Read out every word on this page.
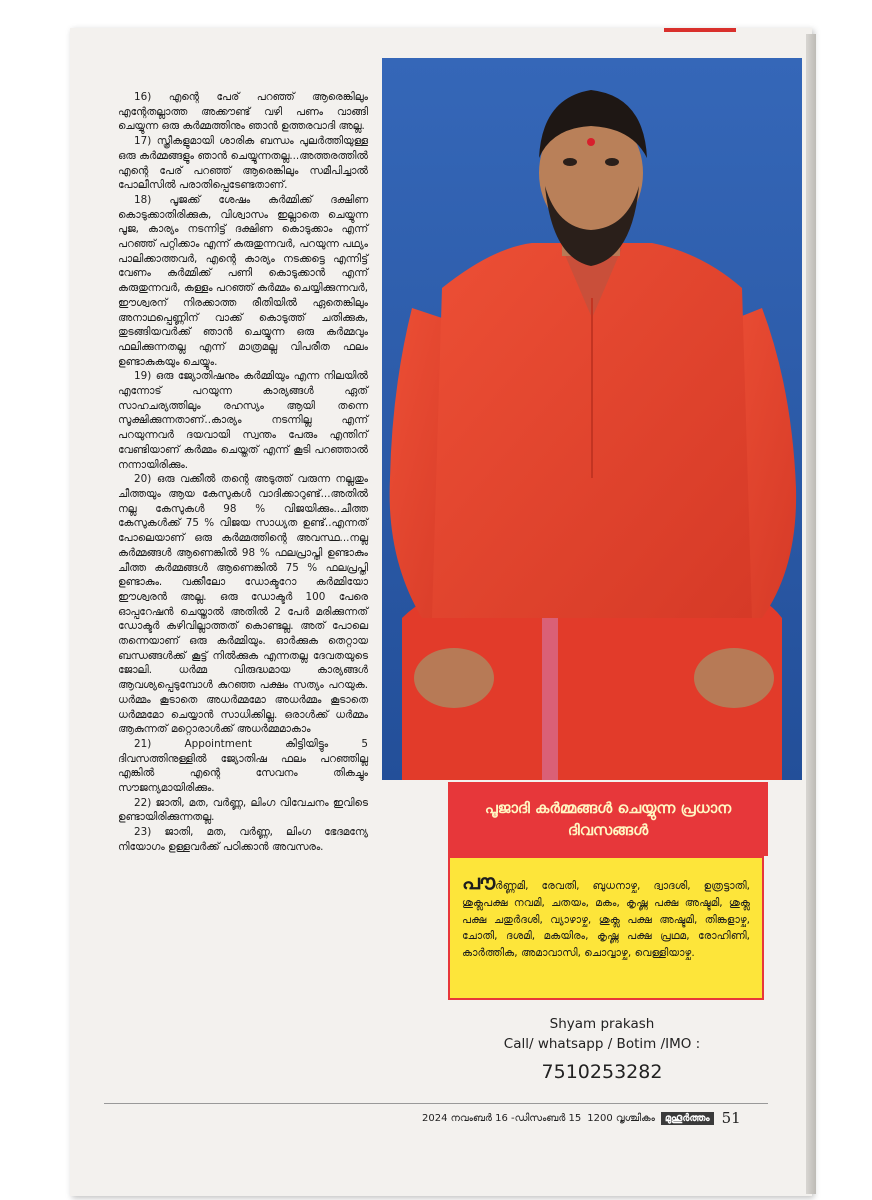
16) എന്റെ പേര് പറഞ്ഞ് ആരെങ്കിലും എന്റേതല്ലാത്ത അക്കൗണ്ട് വഴി പണം വാങ്ങി ചെയ്യുന്ന ഒരു കർമ്മത്തിനും ഞാൻ ഉത്തരവാദി അല്ല.

17) സ്ത്രീകളുമായി ശാരിക ബന്ധം പുലർത്തിയുള്ള ഒരു കർമ്മങ്ങളും ഞാൻ ചെയ്യുന്നതല്ല...അത്തരത്തിൽ എന്റെ പേര് പറഞ്ഞ് ആരെങ്കിലും സമീപിച്ചാൽ പോലീസിൽ പരാതിപ്പെടേണ്ടതാണ്.

18) പൂജക്ക് ശേഷം കർമ്മിക്ക് ദക്ഷിണ കൊടുക്കാതിരിക്കുക, വിശ്വാസം ഇല്ലാതെ ചെയ്യുന്ന പൂജ, കാര്യം നടന്നിട്ട് ദക്ഷിണ കൊടുക്കാം എന്ന് പറഞ്ഞ് പറ്റിക്കാം എന്ന് കരുതുന്നവർ, പറയുന്ന പഥ്യം പാലിക്കാത്തവർ, എന്റെ കാര്യം നടക്കട്ടെ എന്നിട്ട് വേണം കർമ്മിക്ക് പണി കൊടുക്കാൻ എന്ന് കരുതുന്നവർ, കള്ളം പറഞ്ഞ് കർമ്മം ചെയ്യിക്കുന്നവർ, ഈശ്വരന് നിരക്കാത്ത രീതിയിൽ ഏതെങ്കിലും അനാഥപ്പെണ്ണിന് വാക്ക് കൊടുത്ത് ചതിക്കുക, തുടങ്ങിയവർക്ക് ഞാൻ ചെയ്യുന്ന ഒരു കർമ്മവും ഫലിക്കുന്നതല്ല എന്ന് മാത്രമല്ല വിപരീത ഫലം ഉണ്ടാകുകയും ചെയ്യും.

19) ഒരു ജ്യോതിഷനും കർമ്മിയും എന്ന നിലയിൽ എന്നോട് പറയുന്ന കാര്യങ്ങൾ ഏത് സാഹചര്യത്തിലും രഹസ്യം ആയി തന്നെ സൂക്ഷിക്കുന്നതാണ്..കാര്യം നടന്നില്ല എന്ന് പറയുന്നവർ ദയവായി സ്വന്തം പേരും എന്തിന് വേണ്ടിയാണ് കർമ്മം ചെയ്തത് എന്ന് കൂടി പറഞ്ഞാൽ നന്നായിരിക്കും.

20) ഒരു വക്കീൽ തന്റെ അടുത്ത് വരുന്ന നല്ലതും ചീത്തയും ആയ കേസുകൾ വാദിക്കാറുണ്ട്...അതിൽ നല്ല കേസുകൾ 98 % വിജയിക്കും..ചീത്ത കേസുകൾക്ക് 75 % വിജയ സാധ്യത ഉണ്ട്..എന്നത് പോലെയാണ് ഒരു കർമ്മത്തിന്റെ അവസ്ഥ...നല്ല കർമ്മങ്ങൾ ആണെങ്കിൽ 98 % ഫലപ്രാപ്തി ഉണ്ടാകും ചീത്ത കർമ്മങ്ങൾ ആണെങ്കിൽ 75 % ഫലപ്രപ്തി ഉണ്ടാകും. വക്കീലോ ഡോക്ടറോ കർമ്മിയോ ഈശ്വരൻ അല്ല. ഒരു ഡോക്ടർ 100 പേരെ ഓപ്പറേഷൻ ചെയ്താൽ അതിൽ 2 പേർ മരിക്കുന്നത് ഡോക്ടർ കഴിവില്ലാത്തത് കൊണ്ടല്ല. അത് പോലെ തന്നെയാണ് ഒരു കർമ്മിയും. ഓർക്കുക തെറ്റായ ബന്ധങ്ങൾക്ക് കൂട്ട് നിൽക്കുക എന്നതല്ല ദേവതയുടെ ജോലി. ധർമ്മ വിരുദ്ധമായ കാര്യങ്ങൾ ആവശ്യപ്പെടുമ്പോൾ കുറഞ്ഞ പക്ഷം സത്യം പറയുക. ധർമ്മം കൂടാതെ അധർമ്മമോ അധർമ്മം കൂടാതെ ധർമ്മമോ ചെയ്യാൻ സാധിക്കില്ല. ഒരാൾക്ക് ധർമ്മം ആകുന്നത് മറ്റൊരാൾക്ക് അധർമ്മമാകാം

21) Appointment കിട്ടിയിട്ടും 5 ദിവസത്തിനുള്ളിൽ ജ്യോതിഷ ഫലം പറഞ്ഞില്ല എങ്കിൽ എന്റെ സേവനം തികച്ചും സൗജന്യമായിരിക്കും.

22) ജാതി, മത, വർണ്ണ, ലിംഗ വിവേചനം ഇവിടെ ഉണ്ടായിരിക്കുന്നതല്ല.

23) ജാതി, മത, വർണ്ണ, ലിംഗ ഭേദമന്യേ നിയോഗം ഉള്ളവർക്ക് പഠിക്കാൻ അവസരം.

പൂജാദി കർമ്മങ്ങൾ ചെയ്യുന്ന പ്രധാന ദിവസങ്ങൾ
പൗർണ്ണമി, രേവതി, ബുധനാഴ്ച, ദ്വാദശി, ഉത്രട്ടാതി, ശുക്ലപക്ഷ നവമി, ചതയം, മകം, കൃഷ്ണ പക്ഷ അഷ്ടമി, ശുക്ല പക്ഷ ചതുർദശി, വ്യാഴാഴ്ച, ശുക്ല പക്ഷ അഷ്ടമി, തിങ്കളാഴ്ച, ചോതി, ദശമി, മകയിരം, കൃഷ്ണ പക്ഷ പ്രഥമ, രോഹിണി, കാർത്തിക, അമാവാസി, ചൊവ്വാഴ്ച, വെള്ളിയാഴ്ച.
Shyam prakash
Call/ whatsapp / Botim /IMO :
7510253282
2024 നവംബർ 16 -ഡിസംബർ 15 1200 വൃശ്ചികം	മുഹൂർത്തം 51
